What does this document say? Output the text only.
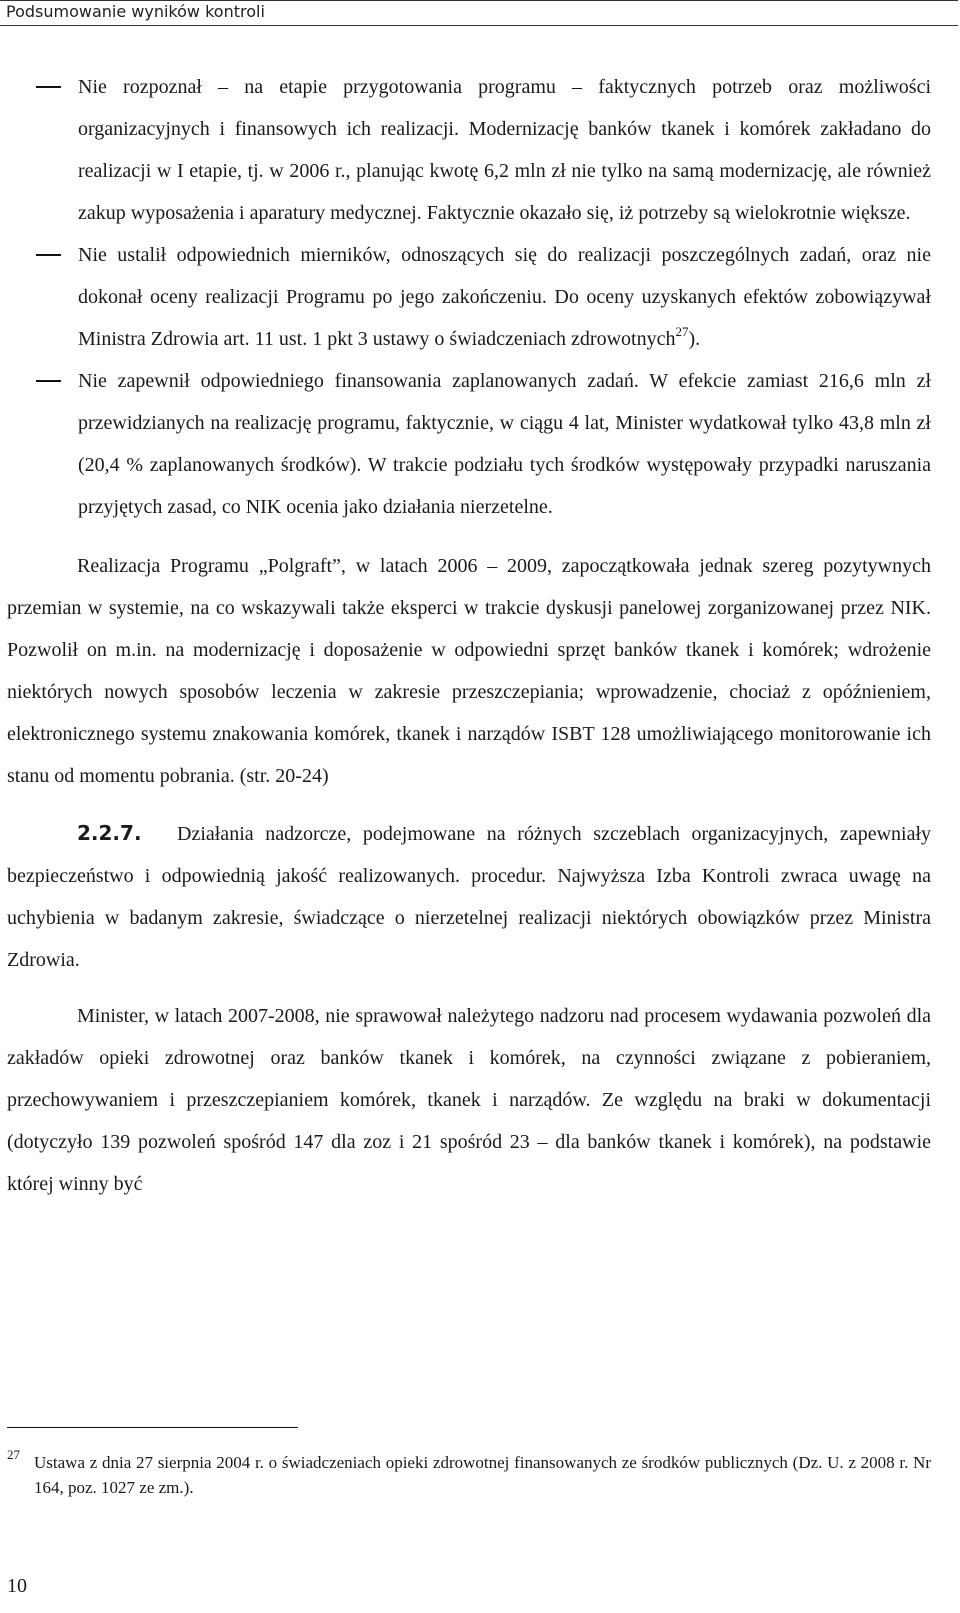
Podsumowanie wyników kontroli
Nie rozpoznał – na etapie przygotowania programu – faktycznych potrzeb oraz możliwości organizacyjnych i finansowych ich realizacji. Modernizację banków tkanek i komórek zakładano do realizacji w I etapie, tj. w 2006 r., planując kwotę 6,2 mln zł nie tylko na samą modernizację, ale również zakup wyposażenia i aparatury medycznej. Faktycznie okazało się, iż potrzeby są wielokrotnie większe.
Nie ustalił odpowiednich mierników, odnoszących się do realizacji poszczególnych zadań, oraz nie dokonał oceny realizacji Programu po jego zakończeniu. Do oceny uzyskanych efektów zobowiązywał Ministra Zdrowia art. 11 ust. 1 pkt 3 ustawy o świadczeniach zdrowotnych$^{27}$).
Nie zapewnił odpowiedniego finansowania zaplanowanych zadań. W efekcie zamiast 216,6 mln zł przewidzianych na realizację programu, faktycznie, w ciągu 4 lat, Minister wydatkował tylko 43,8 mln zł (20,4 % zaplanowanych środków). W trakcie podziału tych środków występowały przypadki naruszania przyjętych zasad, co NIK ocenia jako działania nierzetelne.

Realizacja Programu „Polgraft”, w latach 2006 – 2009, zapoczątkowała jednak szereg pozytywnych przemian w systemie, na co wskazywali także eksperci w trakcie dyskusji panelowej zorganizowanej przez NIK. Pozwolił on m.in. na modernizację i doposażenie w odpowiedni sprzęt banków tkanek i komórek; wdrożenie niektórych nowych sposobów leczenia w zakresie przeszczepiania; wprowadzenie, chociaż z opóźnieniem, elektronicznego systemu znakowania komórek, tkanek i narządów ISBT 128 umożliwiającego monitorowanie ich stanu od momentu pobrania. (str. 20-24)

2.2.7. Działania nadzorcze, podejmowane na różnych szczeblach organizacyjnych, zapewniały bezpieczeństwo i odpowiednią jakość realizowanych. procedur. Najwyższa Izba Kontroli zwraca uwagę na uchybienia w badanym zakresie, świadczące o nierzetelnej realizacji niektórych obowiązków przez Ministra Zdrowia.

Minister, w latach 2007-2008, nie sprawował należytego nadzoru nad procesem wydawania pozwoleń dla zakładów opieki zdrowotnej oraz banków tkanek i komórek, na czynności związane z pobieraniem, przechowywaniem i przeszczepianiem komórek, tkanek i narządów. Ze względu na braki w dokumentacji (dotyczyło 139 pozwoleń spośród 147 dla zoz i 21 spośród 23 – dla banków tkanek i komórek), na podstawie której winny być

27 Ustawa z dnia 27 sierpnia 2004 r. o świadczeniach opieki zdrowotnej finansowanych ze środków publicznych (Dz. U. z 2008 r. Nr 164, poz. 1027 ze zm.).
10
